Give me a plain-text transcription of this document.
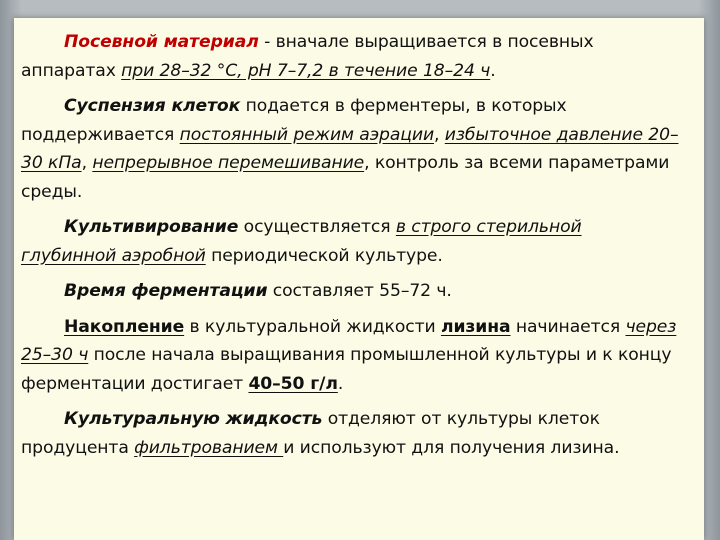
Посевной материал - вначале выращивается в посевных аппаратах при 28–32 °С, рН 7–7,2 в течение 18–24 ч.

Суспензия клеток подается в ферментеры, в которых поддерживается постоянный режим аэрации, избыточное давление 20–30 кПа, непрерывное перемешивание, контроль за всеми параметрами среды.

Культивирование осуществляется в строго стерильной глубинной аэробной периодической культуре.

Время ферментации составляет 55–72 ч.

Накопление в культуральной жидкости лизина начинается через 25–30 ч после начала выращивания промышленной культуры и к концу ферментации достигает 40–50 г/л.

Культуральную жидкость отделяют от культуры клеток продуцента фильтрованием и используют для получения лизина.
